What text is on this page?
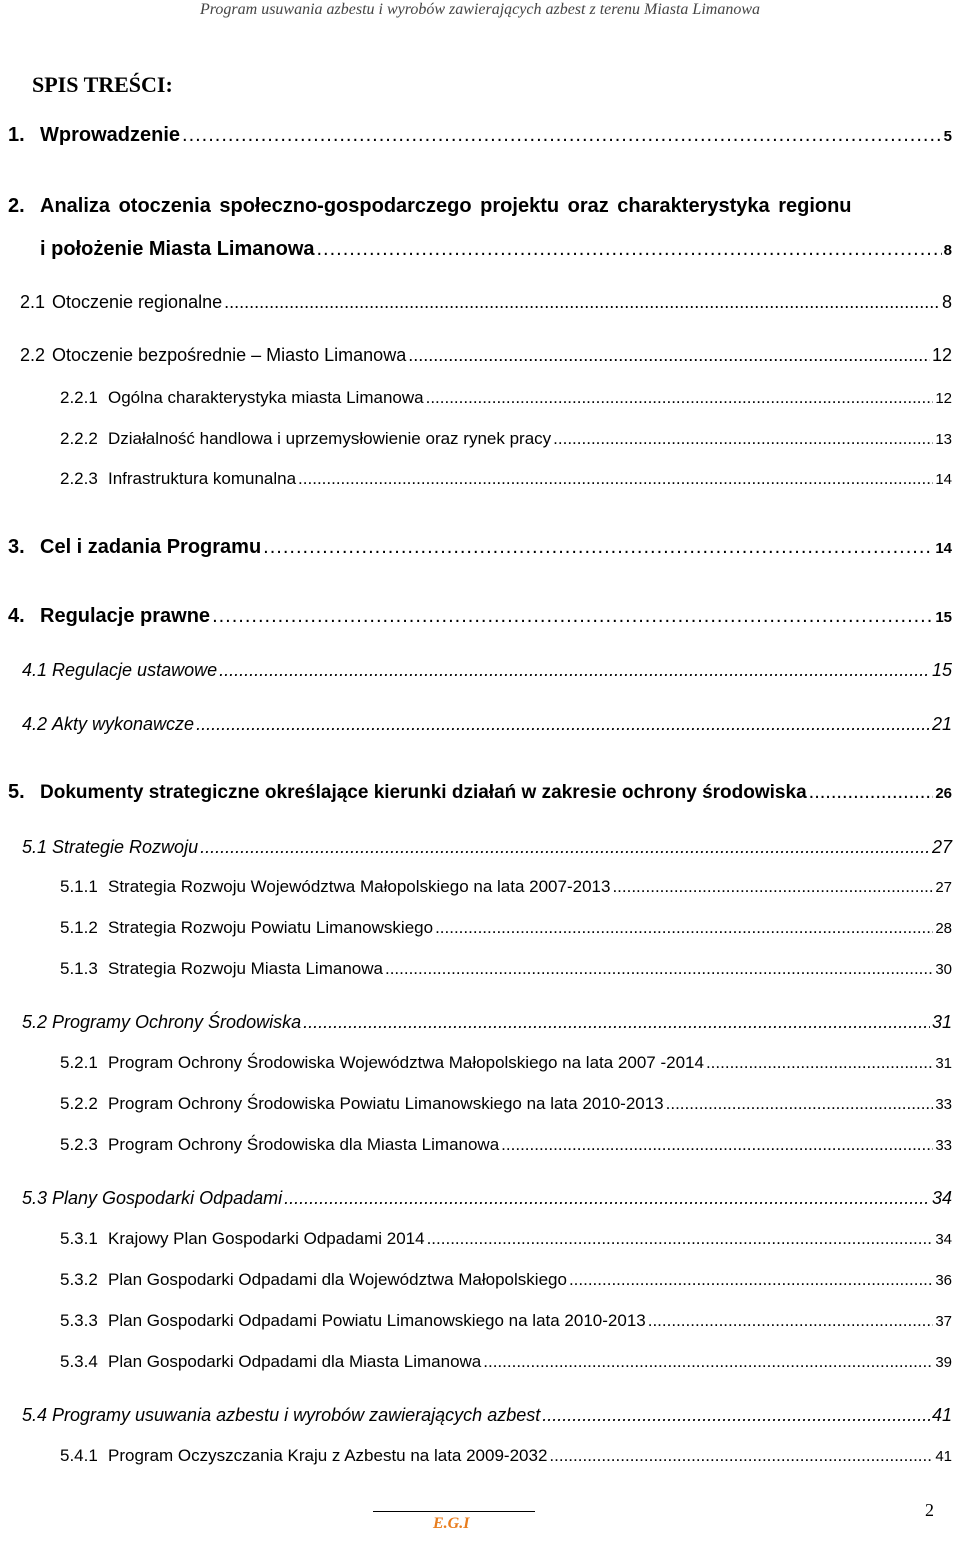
Program usuwania azbestu i wyrobów zawierających azbest z terenu Miasta Limanowa
SPIS TREŚCI:
1. Wprowadzenie .....	5
2. Analiza otoczenia społeczno-gospodarczego projektu oraz charakterystyka regionu
i położenie Miasta Limanowa .....	8
2.1 Otoczenie regionalne .....	8
2.2 Otoczenie bezpośrednie – Miasto Limanowa .....	12
2.2.1 Ogólna charakterystyka miasta Limanowa .....	12
2.2.2 Działalność handlowa i uprzemysłowienie oraz rynek pracy .....	13
2.2.3 Infrastruktura komunalna .....	14
3. Cel i zadania Programu .....	14
4. Regulacje prawne .....	15
4.1 Regulacje ustawowe .....	15
4.2 Akty wykonawcze .....	21
5. Dokumenty strategiczne określające kierunki działań w zakresie ochrony środowiska .....	26
5.1 Strategie Rozwoju .....	27
5.1.1 Strategia Rozwoju Województwa Małopolskiego na lata 2007-2013 .....	27
5.1.2 Strategia Rozwoju Powiatu Limanowskiego .....	28
5.1.3 Strategia Rozwoju Miasta Limanowa .....	30
5.2 Programy Ochrony Środowiska .....	31
5.2.1 Program Ochrony Środowiska Województwa Małopolskiego na lata 2007 -2014 .....	31
5.2.2 Program Ochrony Środowiska Powiatu Limanowskiego na lata 2010-2013 .....	33
5.2.3 Program Ochrony Środowiska dla Miasta Limanowa .....	33
5.3 Plany Gospodarki Odpadami .....	34
5.3.1 Krajowy Plan Gospodarki Odpadami 2014 .....	34
5.3.2 Plan Gospodarki Odpadami dla Województwa Małopolskiego .....	36
5.3.3 Plan Gospodarki Odpadami Powiatu Limanowskiego na lata 2010-2013 .....	37
5.3.4 Plan Gospodarki Odpadami dla Miasta Limanowa .....	39
5.4 Programy usuwania azbestu i wyrobów zawierających azbest .....	41
5.4.1 Program Oczyszczania Kraju z Azbestu na lata 2009-2032 .....	41
E.G.I
2
